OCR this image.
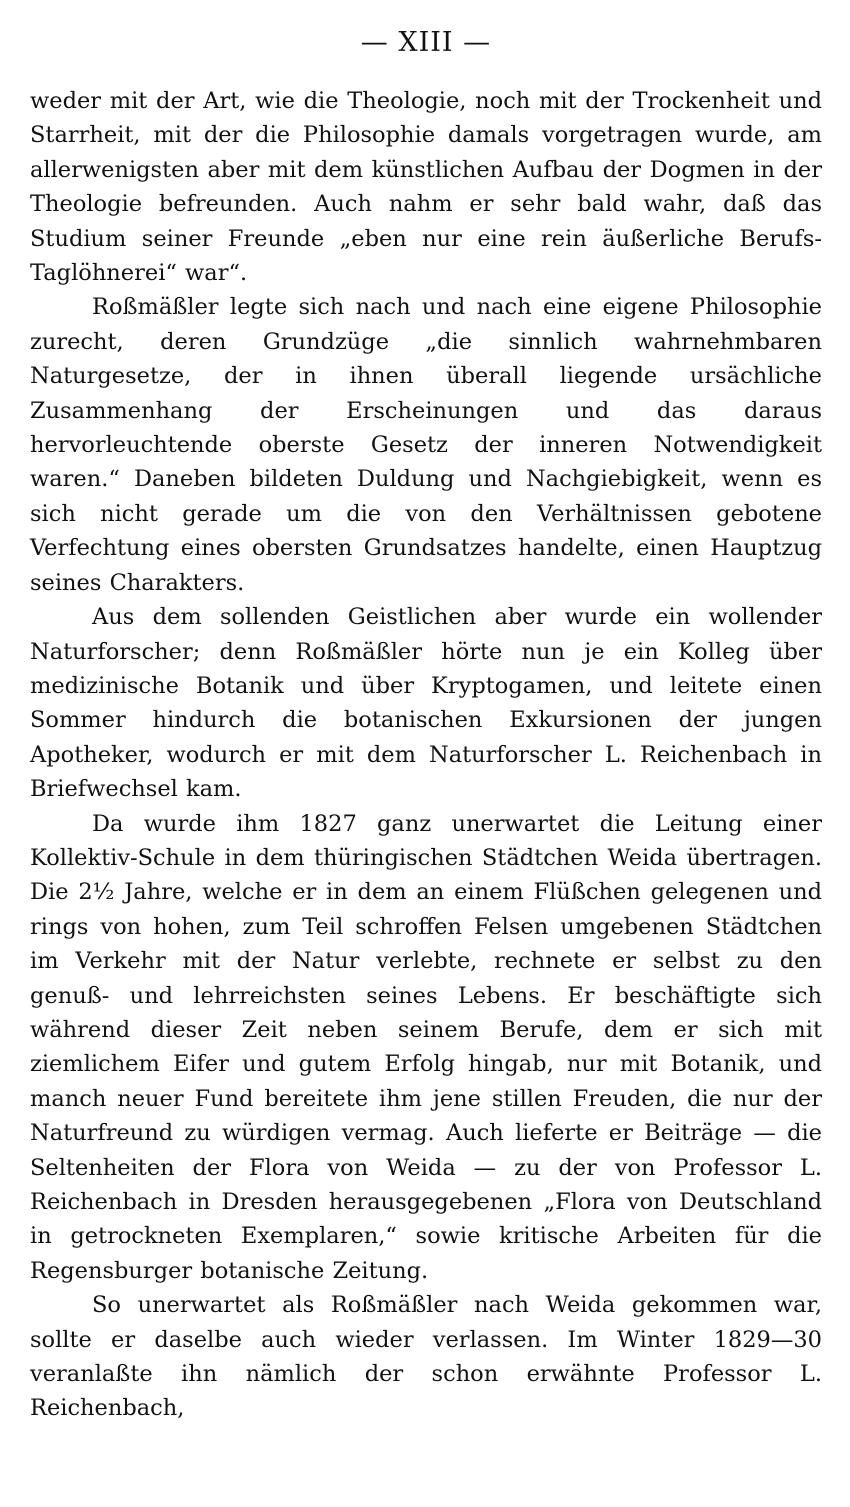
— XIII —

weder mit der Art, wie die Theologie, noch mit der Trockenheit und Starrheit, mit der die Philosophie damals vorgetragen wurde, am allerwenigsten aber mit dem künstlichen Aufbau der Dogmen in der Theologie befreunden. Auch nahm er sehr bald wahr, daß das Studium seiner Freunde „eben nur eine rein äußerliche Berufs-Taglöhnerei“ war“.

Roßmäßler legte sich nach und nach eine eigene Philosophie zurecht, deren Grundzüge „die sinnlich wahrnehmbaren Naturgesetze, der in ihnen überall liegende ursächliche Zusammenhang der Erscheinungen und das daraus hervorleuchtende oberste Gesetz der inneren Notwendigkeit waren.“ Daneben bildeten Duldung und Nachgiebigkeit, wenn es sich nicht gerade um die von den Verhältnissen gebotene Verfechtung eines obersten Grundsatzes handelte, einen Hauptzug seines Charakters.

Aus dem sollenden Geistlichen aber wurde ein wollender Naturforscher; denn Roßmäßler hörte nun je ein Kolleg über medizinische Botanik und über Kryptogamen, und leitete einen Sommer hindurch die botanischen Exkursionen der jungen Apotheker, wodurch er mit dem Naturforscher L. Reichenbach in Briefwechsel kam.

Da wurde ihm 1827 ganz unerwartet die Leitung einer Kollektiv-Schule in dem thüringischen Städtchen Weida übertragen. Die 2½ Jahre, welche er in dem an einem Flüßchen gelegenen und rings von hohen, zum Teil schroffen Felsen umgebenen Städtchen im Verkehr mit der Natur verlebte, rechnete er selbst zu den genuß- und lehrreichsten seines Lebens. Er beschäftigte sich während dieser Zeit neben seinem Berufe, dem er sich mit ziemlichem Eifer und gutem Erfolg hingab, nur mit Botanik, und manch neuer Fund bereitete ihm jene stillen Freuden, die nur der Naturfreund zu würdigen vermag. Auch lieferte er Beiträge — die Seltenheiten der Flora von Weida — zu der von Professor L. Reichenbach in Dresden herausgegebenen „Flora von Deutschland in getrockneten Exemplaren,“ sowie kritische Arbeiten für die Regensburger botanische Zeitung.

So unerwartet als Roßmäßler nach Weida gekommen war, sollte er daselbe auch wieder verlassen. Im Winter 1829—30 veranlaßte ihn nämlich der schon erwähnte Professor L. Reichenbach,
